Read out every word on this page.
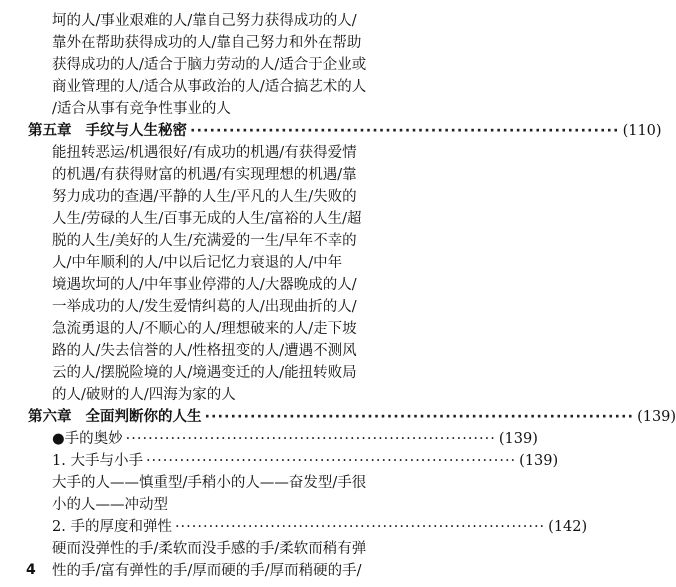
坷的人/事业艰难的人/靠自己努力获得成功的人/
靠外在帮助获得成功的人/靠自己努力和外在帮助
获得成功的人/适合于脑力劳动的人/适合于企业或
商业管理的人/适合从事政治的人/适合搞艺术的人
/适合从事有竞争性事业的人
第五章 手纹与人生秘密 ·································································· (110)
能扭转恶运/机遇很好/有成功的机遇/有获得爱情
的机遇/有获得财富的机遇/有实现理想的机遇/靠
努力成功的查遇/平静的人生/平凡的人生/失败的
人生/劳碌的人生/百事无成的人生/富裕的人生/超
脱的人生/美好的人生/充满爱的一生/早年不幸的
人/中年顺利的人/中以后记忆力衰退的人/中年
境遇坎坷的人/中年事业停滞的人/大器晚成的人/
一举成功的人/发生爱情纠葛的人/出现曲折的人/
急流勇退的人/不顺心的人/理想破来的人/走下坡
路的人/失去信誉的人/性格扭变的人/遭遇不测风
云的人/摆脱险境的人/境遇变迁的人/能扭转败局
的人/破财的人/四海为家的人
第六章 全面判断你的人生 ·································································· (139)
●手的奥妙 ·································································· (139)
1. 大手与小手 ·································································· (139)
大手的人——慎重型/手稍小的人——奋发型/手很
小的人——冲动型
2. 手的厚度和弹性 ·································································· (142)
硬而没弹性的手/柔软而没手感的手/柔软而稍有弹
性的手/富有弹性的手/厚而硬的手/厚而稍硬的手/
4
